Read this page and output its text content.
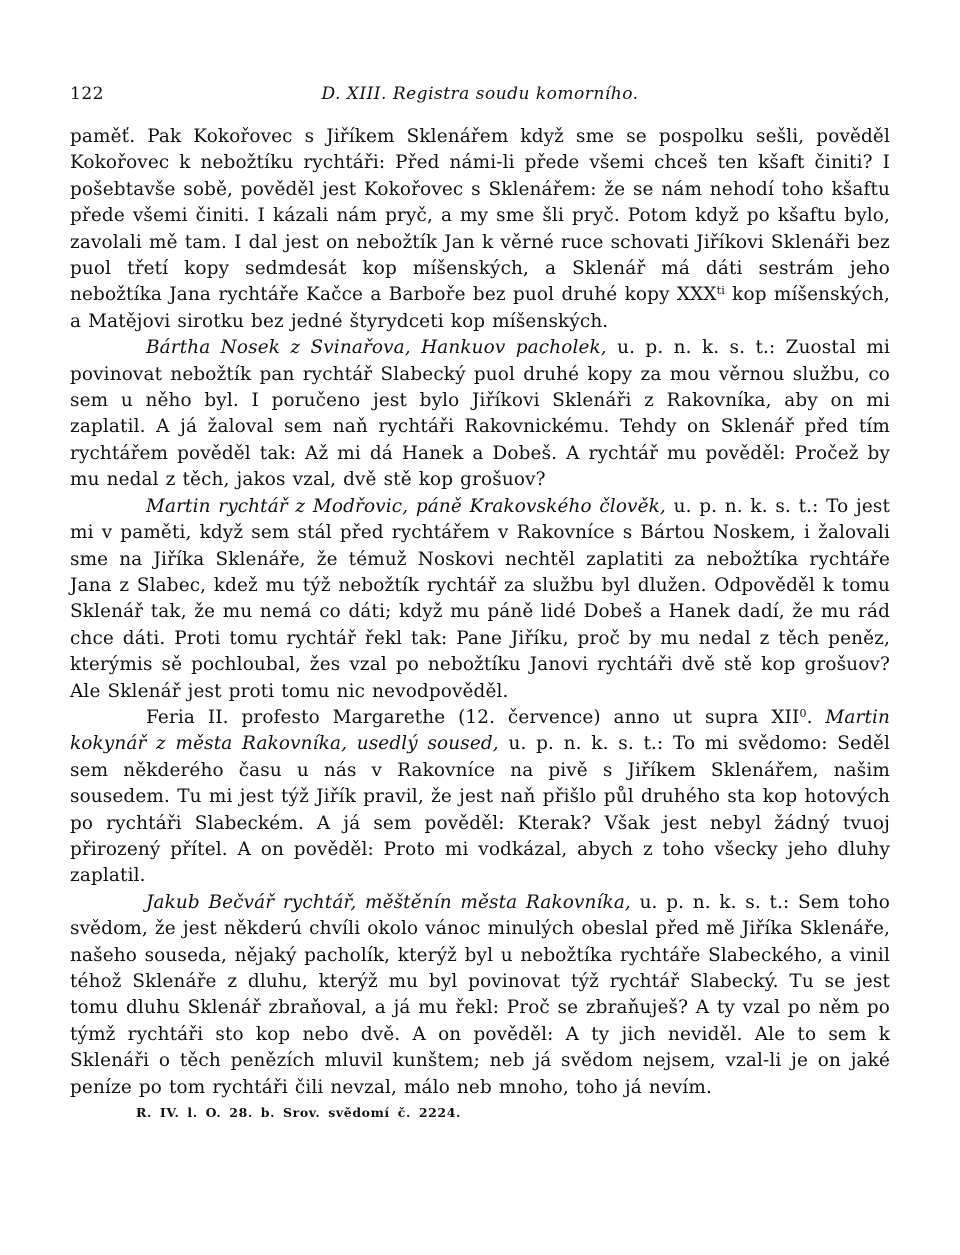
122	D. XIII. Registra soudu komorního.

paměť. Pak Kokořovec s Jiříkem Sklenářem když sme se pospolku sešli, pověděl Kokořovec k nebožtíku rychtáři: Před námi-li přede všemi chceš ten kšaft činiti? I pošebtavše sobě, pověděl jest Kokořovec s Sklenářem: že se nám nehodí toho kšaftu přede všemi činiti. I kázali nám pryč, a my sme šli pryč. Potom když po kšaftu bylo, zavolali mě tam. I dal jest on nebožtík Jan k věrné ruce schovati Jiříkovi Sklenáři bez puol třetí kopy sedmdesát kop míšenských, a Sklenář má dáti sestrám jeho nebožtíka Jana rychtáře Kačce a Barboře bez puol druhé kopy $XXX^{ti}$ kop míšenských, a Matějovi sirotku bez jedné štyrydceti kop míšenských.

Bártha Nosek z Svinařova, Hankuov pacholek, u. p. n. k. s. t.: Zuostal mi povinovat nebožtík pan rychtář Slabecký puol druhé kopy za mou věrnou službu, co sem u něho byl. I poručeno jest bylo Jiříkovi Sklenáři z Rakovníka, aby on mi zaplatil. A já žaloval sem naň rychtáři Rakovnickému. Tehdy on Sklenář před tím rychtářem pověděl tak: Až mi dá Hanek a Dobeš. A rychtář mu pověděl: Pročež by mu nedal z těch, jakos vzal, dvě stě kop grošuov?

Martin rychtář z Modřovic, páně Krakovského člověk, u. p. n. k. s. t.: To jest mi v paměti, když sem stál před rychtářem v Rakovníce s Bártou Noskem, i žalovali sme na Jiříka Sklenáře, že témuž Noskovi nechtěl zaplatiti za nebožtíka rychtáře Jana z Slabec, kdež mu týž nebožtík rychtář za službu byl dlužen. Odpověděl k tomu Sklenář tak, že mu nemá co dáti; když mu páně lidé Dobeš a Hanek dadí, že mu rád chce dáti. Proti tomu rychtář řekl tak: Pane Jiříku, proč by mu nedal z těch peněz, kterýmis sě pochloubal, žes vzal po nebožtíku Janovi rychtáři dvě stě kop grošuov? Ale Sklenář jest proti tomu nic nevodpověděl.

Feria II. profesto Margarethe (12. července) anno ut supra XII$^0$. Martin kokynář z města Rakovníka, usedlý soused, u. p. n. k. s. t.: To mi svědomo: Seděl sem někderého času u nás v Rakovníce na pivě s Jiříkem Sklenářem, našim sousedem. Tu mi jest týž Jiřík pravil, že jest naň přišlo půl druhého sta kop hotových po rychtáři Slabeckém. A já sem pověděl: Kterak? Však jest nebyl žádný tvuoj přirozený přítel. A on pověděl: Proto mi vodkázal, abych z toho všecky jeho dluhy zaplatil.

Jakub Bečvář rychtář, měštěnín města Rakovníka, u. p. n. k. s. t.: Sem toho svědom, že jest někderú chvíli okolo vánoc minulých obeslal před mě Jiříka Sklenáře, našeho souseda, nějaký pacholík, kterýž byl u nebožtíka rychtáře Slabeckého, a vinil téhož Sklenáře z dluhu, kterýž mu byl povinovat týž rychtář Slabecký. Tu se jest tomu dluhu Sklenář zbraňoval, a já mu řekl: Proč se zbraňuješ? A ty vzal po něm po týmž rychtáři sto kop nebo dvě. A on pověděl: A ty jich neviděl. Ale to sem k Sklenáři o těch penězích mluvil kunštem; neb já svědom nejsem, vzal-li je on jaké peníze po tom rychtáři čili nevzal, málo neb mnoho, toho já nevím.

R. IV. l. O. 28. b. Srov. svědomí č. 2224.
